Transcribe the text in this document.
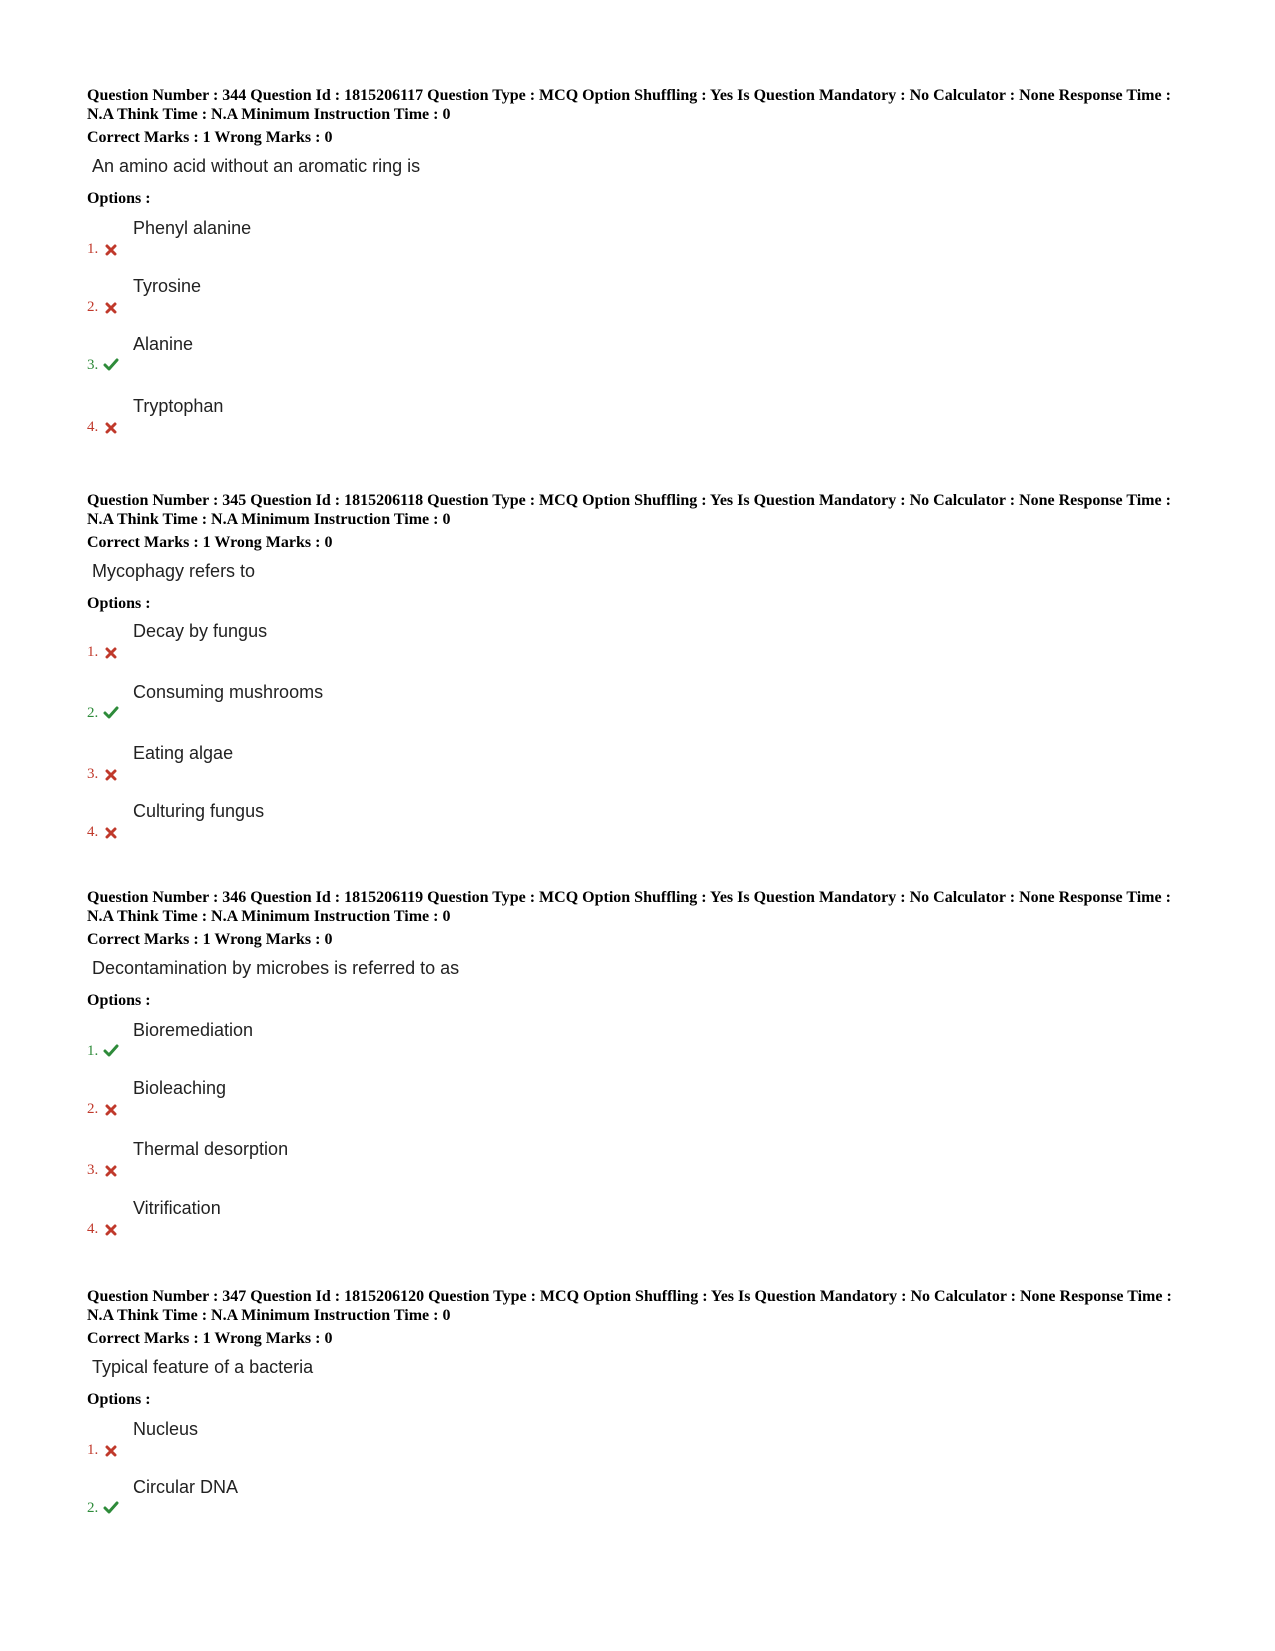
Question Number : 344 Question Id : 1815206117 Question Type : MCQ Option Shuffling : Yes Is Question Mandatory : No Calculator : None Response Time : N.A Think Time : N.A Minimum Instruction Time : 0
Correct Marks : 1 Wrong Marks : 0
An amino acid without an aromatic ring is
Options :
1.
Phenyl alanine
2.
Tyrosine
3.
Alanine
4.
Tryptophan
Question Number : 345 Question Id : 1815206118 Question Type : MCQ Option Shuffling : Yes Is Question Mandatory : No Calculator : None Response Time : N.A Think Time : N.A Minimum Instruction Time : 0
Correct Marks : 1 Wrong Marks : 0
Mycophagy refers to
Options :
1.
Decay by fungus
2.
Consuming mushrooms
3.
Eating algae
4.
Culturing fungus
Question Number : 346 Question Id : 1815206119 Question Type : MCQ Option Shuffling : Yes Is Question Mandatory : No Calculator : None Response Time : N.A Think Time : N.A Minimum Instruction Time : 0
Correct Marks : 1 Wrong Marks : 0
Decontamination by microbes is referred to as
Options :
1.
Bioremediation
2.
Bioleaching
3.
Thermal desorption
4.
Vitrification
Question Number : 347 Question Id : 1815206120 Question Type : MCQ Option Shuffling : Yes Is Question Mandatory : No Calculator : None Response Time : N.A Think Time : N.A Minimum Instruction Time : 0
Correct Marks : 1 Wrong Marks : 0
Typical feature of a bacteria
Options :
1.
Nucleus
2.
Circular DNA
